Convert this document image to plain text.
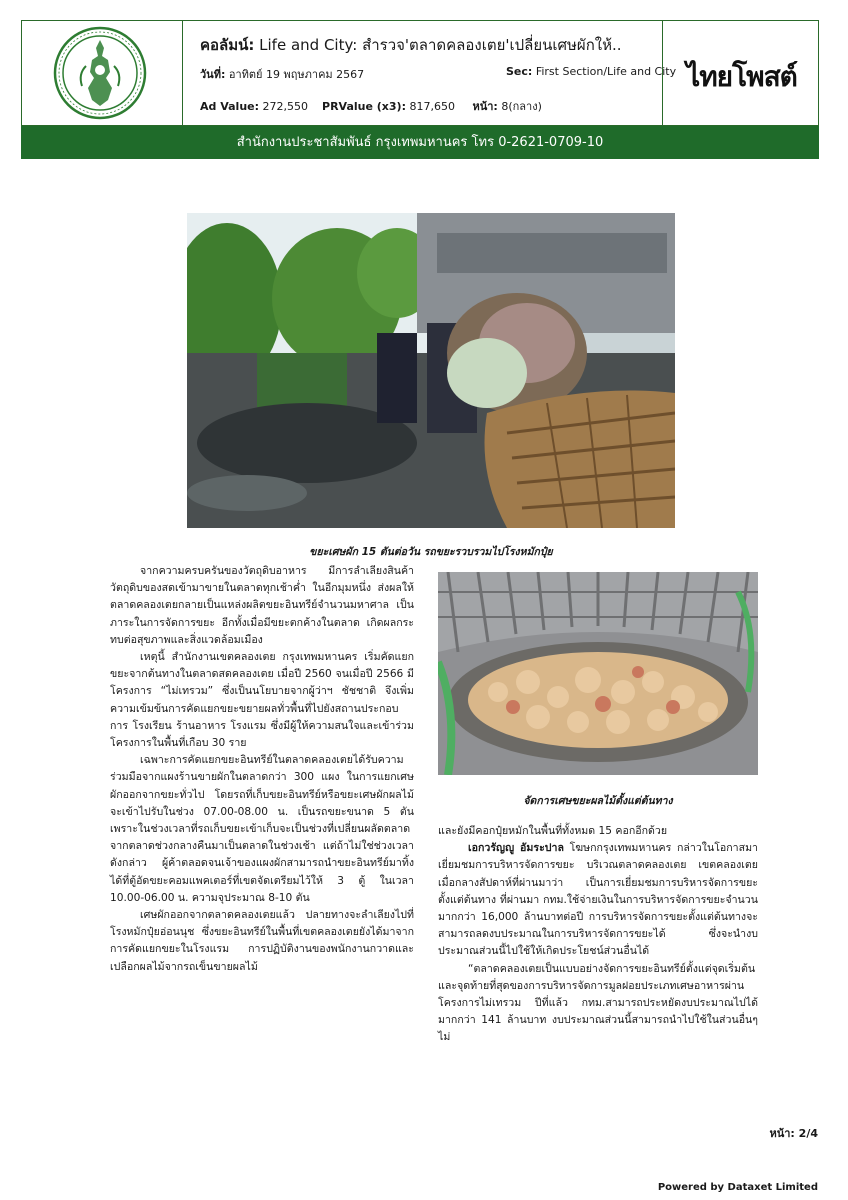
คอลัมน์: Life and City: สำรวจ'ตลาดคลองเตย'เปลี่ยนเศษผักให้..
วันที่: อาทิตย์ 19 พฤษภาคม 2567	Sec: First Section/Life and City
Ad Value: 272,550 PRValue (x3): 817,650 หน้า: 8(กลาง)
ไทยโพสต์
สำนักงานประชาสัมพันธ์ กรุงเทพมหานคร โทร 0-2621-0709-10
ขยะเศษผัก 15 ตันต่อวัน รถขยะรวบรวมไปโรงหมักปุ๋ย

จากความครบครันของวัตถุดิบอาหาร มีการลำเลียงสินค้าวัตถุดิบของสดเข้ามาขายในตลาดทุกเช้าค่ำ ในอีกมุมหนึ่ง ส่งผลให้ตลาดคลองเตยกลายเป็นแหล่งผลิตขยะอินทรีย์จำนวนมหาศาล เป็นภาระในการจัดการขยะ อีกทั้งเมื่อมีขยะตกค้างในตลาด เกิดผลกระทบต่อสุขภาพและสิ่งแวดล้อมเมือง

เหตุนี้ สำนักงานเขตคลองเตย กรุงเทพมหานคร เริ่มคัดแยกขยะจากต้นทางในตลาดสดคลองเตย เมื่อปี 2560 จนเมื่อปี 2566 มีโครงการ “ไม่เทรวม” ซึ่งเป็นนโยบายจากผู้ว่าฯ ชัชชาติ จึงเพิ่มความเข้มข้นการคัดแยกขยะขยายผลทั่วพื้นที่ไปยังสถานประกอบการ โรงเรียน ร้านอาหาร โรงแรม ซึ่งมีผู้ให้ความสนใจและเข้าร่วมโครงการในพื้นที่เกือบ 30 ราย

เฉพาะการคัดแยกขยะอินทรีย์ในตลาดคลองเตยได้รับความร่วมมือจากแผงร้านขายผักในตลาดกว่า 300 แผง ในการแยกเศษผักออกจากขยะทั่วไป โดยรถที่เก็บขยะอินทรีย์หรือขยะเศษผักผลไม้จะเข้าไปรับในช่วง 07.00-08.00 น. เป็นรถขยะขนาด 5 ตัน เพราะในช่วงเวลาที่รถเก็บขยะเข้าเก็บจะเป็นช่วงที่เปลี่ยนผลัดตลาด จากตลาดช่วงกลางคืนมาเป็นตลาดในช่วงเช้า แต่ถ้าไม่ใช่ช่วงเวลาดังกล่าว ผู้ค้าตลอดจนเจ้าของแผงผักสามารถนำขยะอินทรีย์มาทิ้งได้ที่ตู้อัดขยะคอมแพคเตอร์ที่เขตจัดเตรียมไว้ให้ 3 ตู้ ในเวลา 10.00-06.00 น. ความจุประมาณ 8-10 ตัน

เศษผักออกจากตลาดคลองเตยแล้ว ปลายทางจะลำเลียงไปที่โรงหมักปุ๋ยอ่อนนุช ซึ่งขยะอินทรีย์ในพื้นที่เขตคลองเตยยังได้มาจากการคัดแยกขยะในโรงแรม การปฏิบัติงานของพนักงานกวาดและเปลือกผลไม้จากรถเข็นขายผลไม้

จัดการเศษขยะผลไม้ตั้งแต่ต้นทาง

และยังมีคอกปุ๋ยหมักในพื้นที่ทั้งหมด 15 คอกอีกด้วย

เอกวรัญญู อัมระปาล โฆษกกรุงเทพมหานคร กล่าวในโอกาสมาเยี่ยมชมการบริหารจัดการขยะ บริเวณตลาดคลองเตย เขตคลองเตย เมื่อกลางสัปดาห์ที่ผ่านมาว่า เป็นการเยี่ยมชมการบริหารจัดการขยะตั้งแต่ต้นทาง ที่ผ่านมา กทม.ใช้จ่ายเงินในการบริหารจัดการขยะจำนวนมากกว่า 16,000 ล้านบาทต่อปี การบริหารจัดการขยะตั้งแต่ต้นทางจะสามารถลดงบประมาณในการบริหารจัดการขยะได้ ซึ่งจะนำงบประมาณส่วนนี้ไปใช้ให้เกิดประโยชน์ส่วนอื่นได้

“ตลาดคลองเตยเป็นแบบอย่างจัดการขยะอินทรีย์ตั้งแต่จุดเริ่มต้นและจุดท้ายที่สุดของการบริหารจัดการมูลฝอยประเภทเศษอาหารผ่านโครงการไม่เทรวม ปีที่แล้ว กทม.สามารถประหยัดงบประมาณไปได้มากกว่า 141 ล้านบาท งบประมาณส่วนนี้สามารถนำไปใช้ในส่วนอื่นๆ ไม่

หน้า: 2/4
Powered by Dataxet Limited
